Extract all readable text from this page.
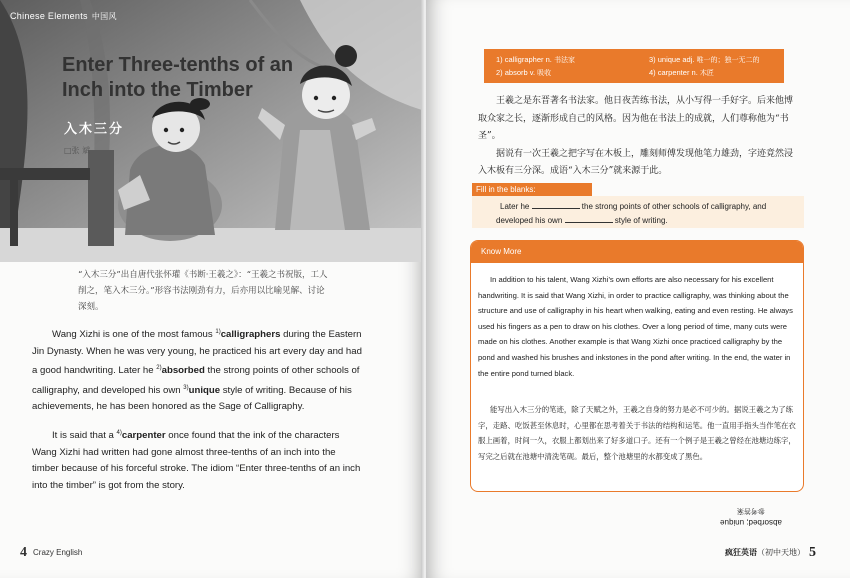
Chinese Elements 中国风
Enter Three-tenths of an Inch into the Timber
入木三分
□张 斌
“入木三分”出自唐代张怀瓘《书断·王羲之》：“王羲之书祝版，工人削之，笔入木三分。”形容书法刚劲有力，后亦用以比喻见解、讨论深刻。

Wang Xizhi is one of the most famous $^{1)}$calligraphers during the Eastern Jin Dynasty. When he was very young, he practiced his art every day and had a good handwriting. Later he $^{2)}$absorbed the strong points of other schools of calligraphy, and developed his own $^{3)}$unique style of writing. Because of his achievements, he has been honored as the Sage of Calligraphy.

It is said that a $^{4)}$carpenter once found that the ink of the characters Wang Xizhi had written had gone almost three-tenths of an inch into the timber because of his forceful stroke. The idiom “Enter three-tenths of an inch into the timber” is got from the story.

4 Crazy English
1) calligrapher n. 书法家
2) absorb v. 吸收
3) unique adj. 唯一的；独一无二的
4) carpenter n. 木匠

王羲之是东晋著名书法家。他日夜苦练书法，从小写得一手好字。后来他博取众家之长，逐渐形成自己的风格。因为他在书法上的成就，人们尊称他为“书圣”。

据说有一次王羲之把字写在木板上，雕刻师傅发现他笔力雄劲，字迹竟然浸入木板有三分深。成语“入木三分”就来源于此。

Fill in the blanks:

Later he	the strong points of other schools of calligraphy, and developed his own	style of writing.

Know More

In addition to his talent, Wang Xizhi’s own efforts are also necessary for his excellent handwriting. It is said that Wang Xizhi, in order to practice calligraphy, was thinking about the structure and use of calligraphy in his heart when walking, eating and even resting. He always used his fingers as a pen to draw on his clothes. Over a long period of time, many cuts were made on his clothes. Another example is that Wang Xizhi once practiced calligraphy by the pond and washed his brushes and inkstones in the pond after writing. In the end, the water in the entire pond turned black.

能写出入木三分的笔迹，除了天赋之外，王羲之自身的努力是必不可少的。据说王羲之为了练字，走路、吃饭甚至休息时，心里都在思考着关于书法的结构和运笔。他一直用手指头当作笔在衣服上画着，时间一久，衣服上都划出来了好多道口子。还有一个例子是王羲之曾经在池塘边练字，写完之后就在池塘中清洗笔砚。最后，整个池塘里的水都变成了黑色。

absorbed; unique
参考答案
疯狂英语（初中天地） 5
